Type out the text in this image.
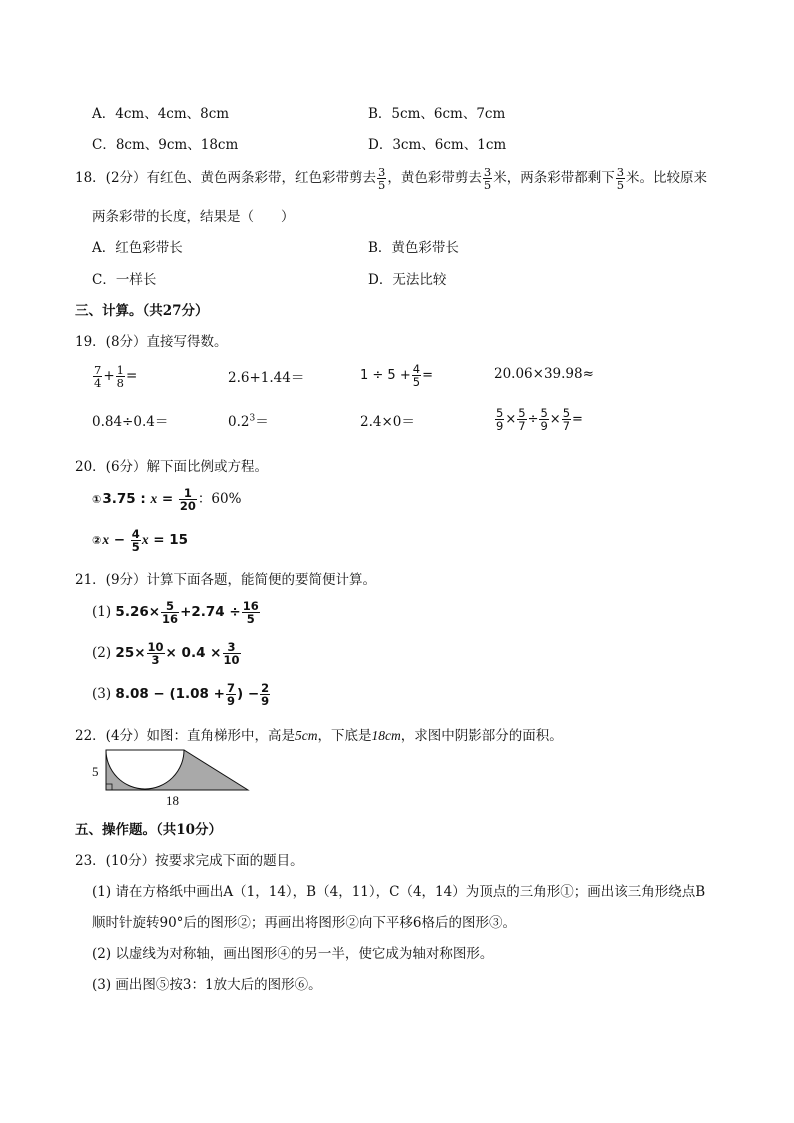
A．4cm、4cm、8cm	B．5cm、6cm、7cm
C．8cm、9cm、18cm	D．3cm、6cm、1cm
18．(2分）有红色、黄色两条彩带，红色彩带剪去 $\frac{3}{5}$ ，黄色彩带剪去 $\frac{3}{5}$ 米，两条彩带都剩下 $\frac{3}{5}$ 米。比较原来
两条彩带的长度，结果是（　　）
A．红色彩带长	B．黄色彩带长
C．一样长	D．无法比较
三、计算。（共27分）
19．(8分）直接写得数。
$\frac{7}{4} + \frac{1}{8}$ =	2.6+1.44＝	$1 \div 5 + \frac{4}{5}$ =	20.06×39.98≈
0.84÷0.4＝	$0.2^3=$	2.4×0＝	$\frac{5}{9} \times \frac{5}{7} \div \frac{5}{9} \times \frac{5}{7}$ =
20．(6分）解下面比例或方程。
①3.75 : $x = \frac{1}{20}$ ：60%
②x − $\frac{4}{5}$ x = 15
21．(9分）计算下面各题，能简便的要简便计算。
(1) $5.26\times \frac{5}{16} +2.74 \div \frac{16}{5}$
(2) $25\times \frac{10}{3} \times 0.4 \times \frac{3}{10}$
(3) $8.08 - (1.08 + \frac{7}{9}$ ) − $\frac{2}{9}$
22．(4分）如图：直角梯形中，高是5cm，下底是18cm，求图中阴影部分的面积。
5
18
五、操作题。（共10分）
23．(10分）按要求完成下面的题目。
(1) 请在方格纸中画出A（1，14），B（4，11），C（4，14）为顶点的三角形①；画出该三角形绕点B
顺时针旋转90°后的图形②；再画出将图形②向下平移6格后的图形③。
(2) 以虚线为对称轴，画出图形④的另一半，使它成为轴对称图形。
(3) 画出图⑤按3：1放大后的图形⑥。
